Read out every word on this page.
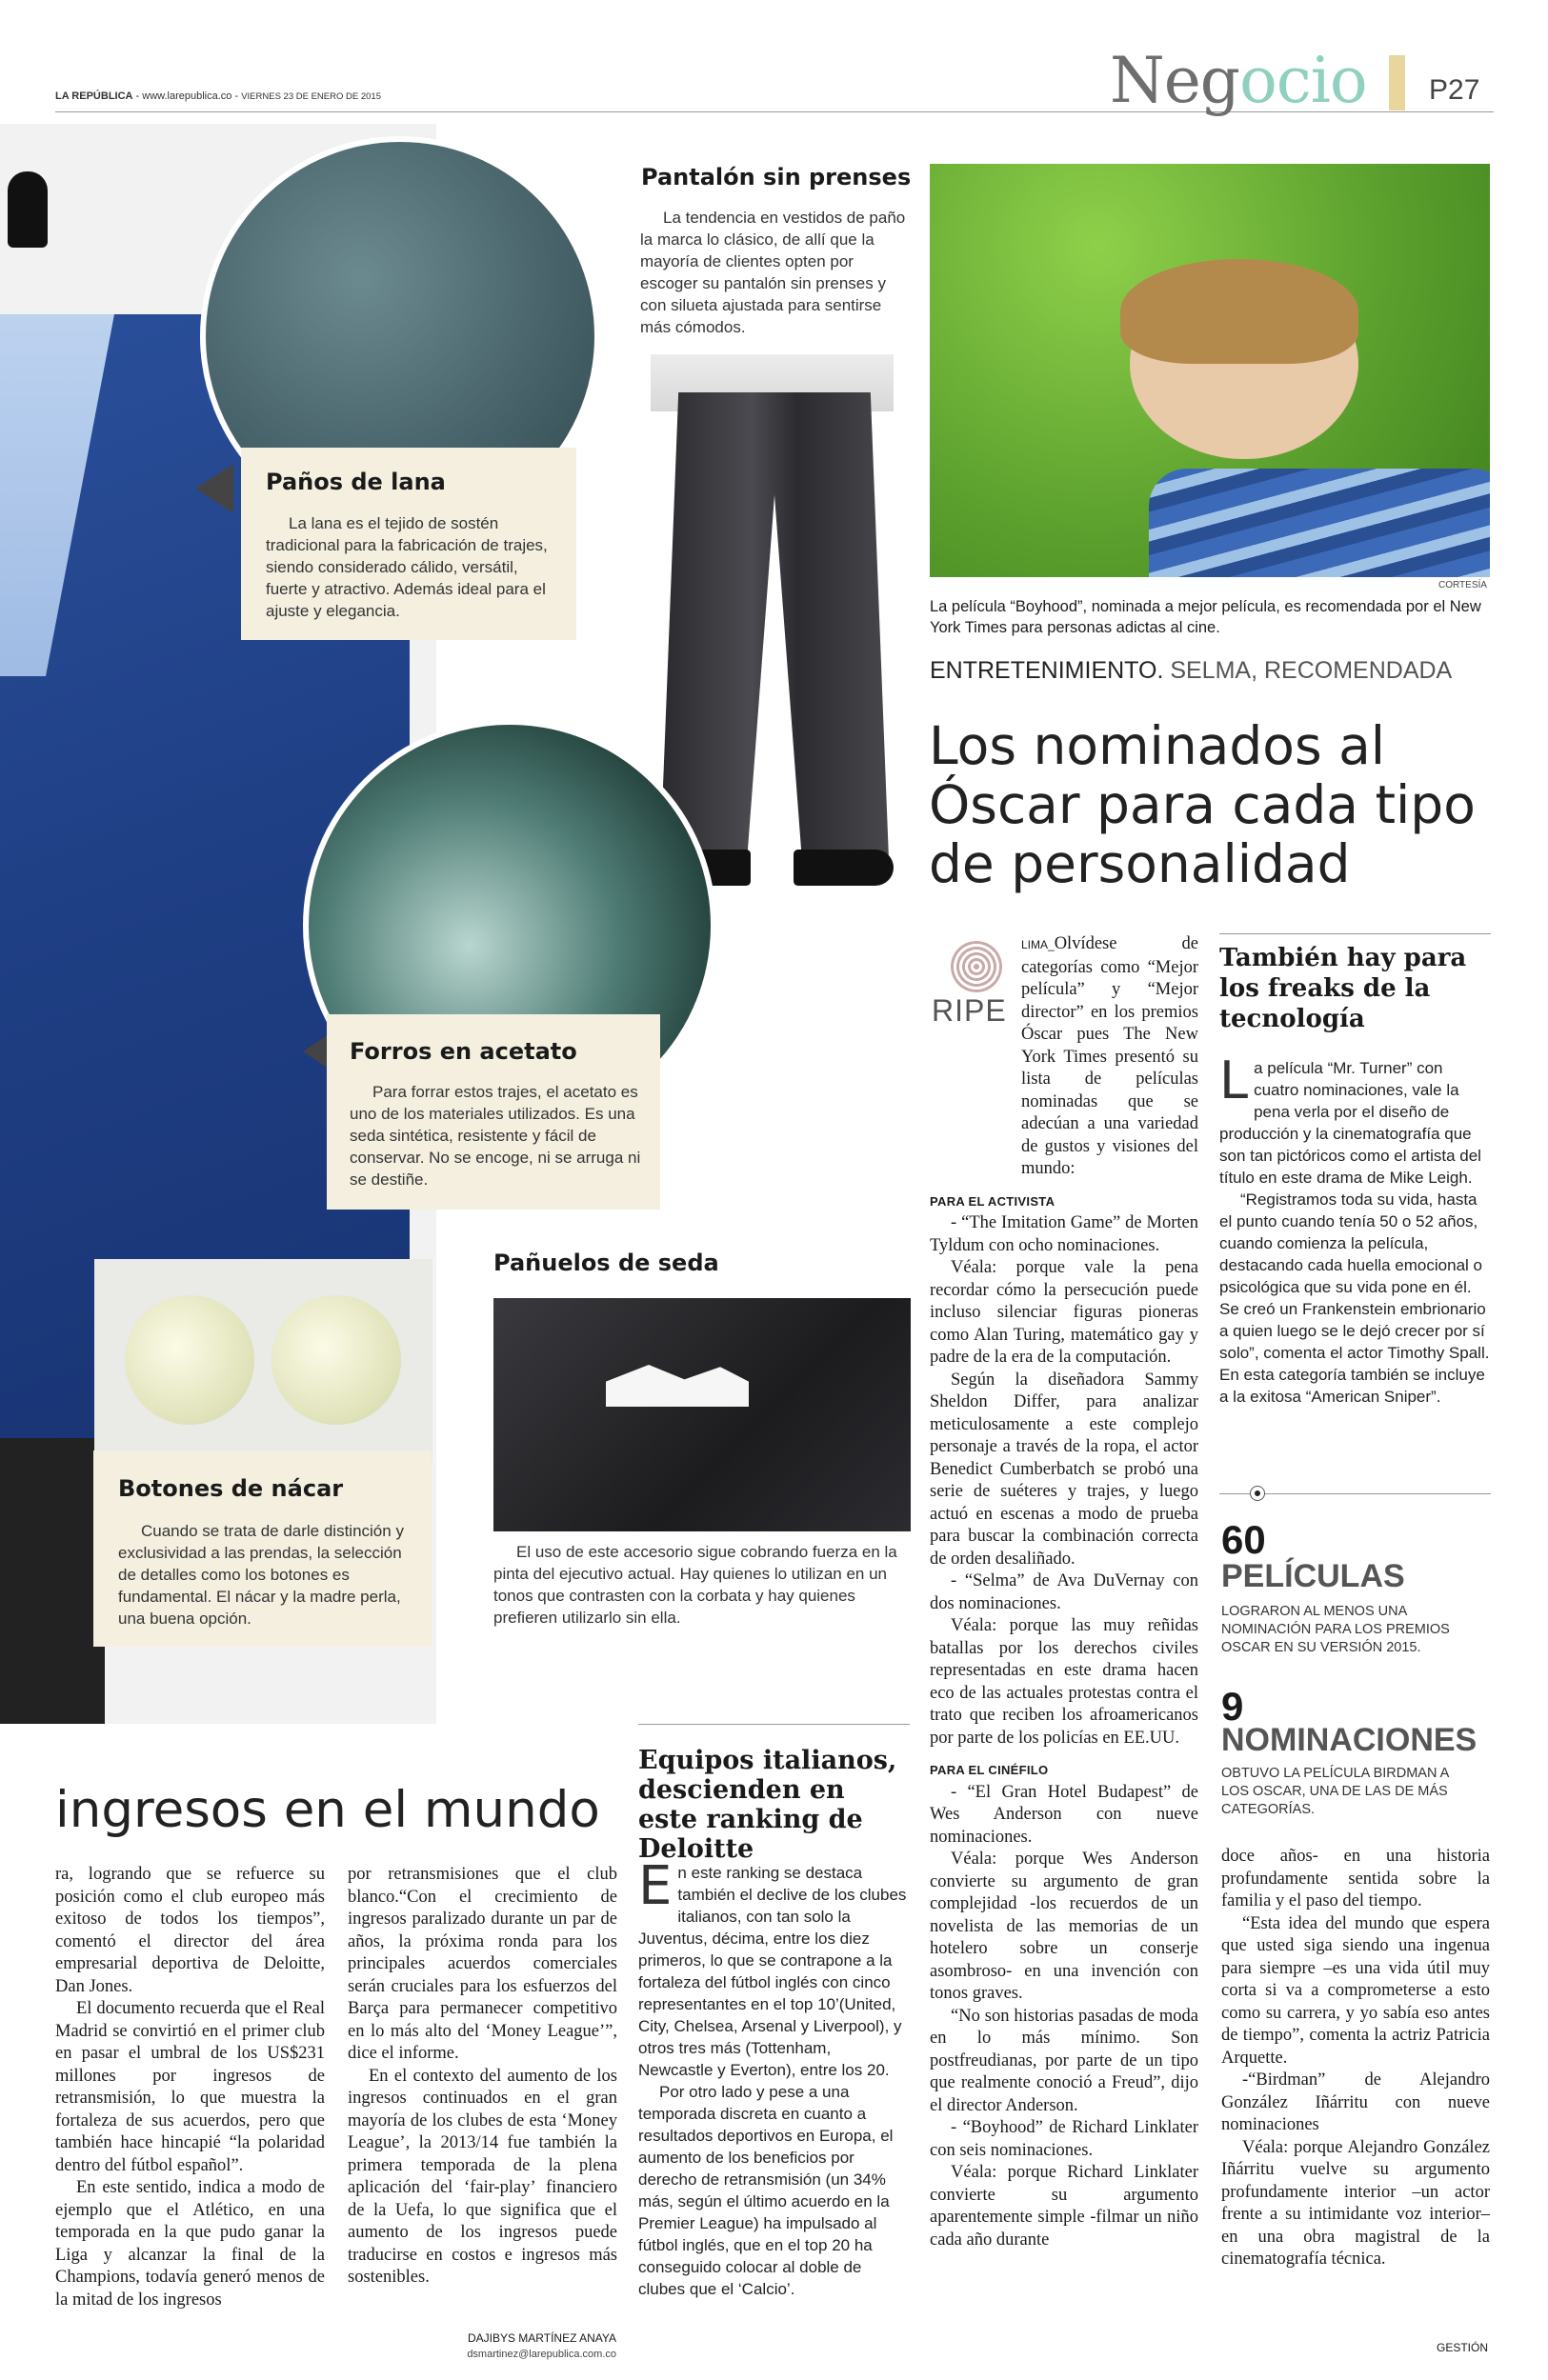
LA REPÚBLICA - www.larepublica.co - VIERNES 23 DE ENERO DE 2015	Negocio P27
Paños de lana
La lana es el tejido de sostén tradicional para la fabricación de trajes, siendo considerado cálido, versátil, fuerte y atractivo. Además ideal para el ajuste y elegancia.
Pantalón sin prenses
La tendencia en vestidos de paño la marca lo clásico, de allí que la mayoría de clientes opten por escoger su pantalón sin prenses y con silueta ajustada para sentirse más cómodos.
Forros en acetato
Para forrar estos trajes, el acetato es uno de los materiales utilizados. Es una seda sintética, resistente y fácil de conservar. No se encoge, ni se arruga ni se destiñe.
Botones de nácar
Cuando se trata de darle distinción y exclusividad a las prendas, la selección de detalles como los botones es fundamental. El nácar y la madre perla, una buena opción.
Pañuelos de seda
El uso de este accesorio sigue cobrando fuerza en la pinta del ejecutivo actual. Hay quienes lo utilizan en un tonos que contrasten con la corbata y hay quienes prefieren utilizarlo sin ella.
CORTESÍA
La película “Boyhood”, nominada a mejor película, es recomendada por el New York Times para personas adictas al cine.
ENTRETENIMIENTO. SELMA, RECOMENDADA
Los nominados al Óscar para cada tipo de personalidad
RIPE

LIMA_Olvídese de categorías como “Mejor película” y “Mejor director” en los premios Óscar pues The New York Times presentó su lista de películas nominadas que se adecúan a una variedad de gustos y visiones del mundo:

PARA EL ACTIVISTA

- “The Imitation Game” de Morten Tyldum con ocho nominaciones.

Véala: porque vale la pena recordar cómo la persecución puede incluso silenciar figuras pioneras como Alan Turing, matemático gay y padre de la era de la computación.

Según la diseñadora Sammy Sheldon Differ, para analizar meticulosamente a este complejo personaje a través de la ropa, el actor Benedict Cumberbatch se probó una serie de suéteres y trajes, y luego actuó en escenas a modo de prueba para buscar la combinación correcta de orden desaliñado.

- “Selma” de Ava DuVernay con dos nominaciones.

Véala: porque las muy reñidas batallas por los derechos civiles representadas en este drama hacen eco de las actuales protestas contra el trato que reciben los afroamericanos por parte de los policías en EE.UU.

PARA EL CINÉFILO

- “El Gran Hotel Budapest” de Wes Anderson con nueve nominaciones.

Véala: porque Wes Anderson convierte su argumento de gran complejidad -los recuerdos de un novelista de las memorias de un hotelero sobre un conserje asombroso- en una invención con tonos graves.

“No son historias pasadas de moda en lo más mínimo. Son postfreudianas, por parte de un tipo que realmente conoció a Freud”, dijo el director Anderson.

- “Boyhood” de Richard Linklater con seis nominaciones.

Véala: porque Richard Linklater convierte su argumento aparentemente simple -filmar un niño cada año durante

También hay para los freaks de la tecnología

La película “Mr. Turner” con cuatro nominaciones, vale la pena verla por el diseño de producción y la cinematografía que son tan pictóricos como el artista del título en este drama de Mike Leigh.

“Registramos toda su vida, hasta el punto cuando tenía 50 o 52 años, cuando comienza la película, destacando cada huella emocional o psicológica que su vida pone en él. Se creó un Frankenstein embrionario a quien luego se le dejó crecer por sí solo”, comenta el actor Timothy Spall. En esta categoría también se incluye a la exitosa “American Sniper”.

60
PELÍCULAS
LOGRARON AL MENOS UNA NOMINACIÓN PARA LOS PREMIOS OSCAR EN SU VERSIÓN 2015.
9
NOMINACIONES
OBTUVO LA PELÍCULA BIRDMAN A LOS OSCAR, UNA DE LAS DE MÁS CATEGORÍAS.

doce años- en una historia profundamente sentida sobre la familia y el paso del tiempo.

“Esta idea del mundo que espera que usted siga siendo una ingenua para siempre –es una vida útil muy corta si va a comprometerse a esto como su carrera, y yo sabía eso antes de tiempo”, comenta la actriz Patricia Arquette.

-“Birdman” de Alejandro González Iñárritu con nueve nominaciones

Véala: porque Alejandro González Iñárritu vuelve su argumento profundamente interior –un actor frente a su intimidante voz interior– en una obra magistral de la cinematografía técnica.

GESTIÓN
ingresos en el mundo

ra, logrando que se refuerce su posición como el club europeo más exitoso de todos los tiempos”, comentó el director del área empresarial deportiva de Deloitte, Dan Jones.

El documento recuerda que el Real Madrid se convirtió en el primer club en pasar el umbral de los US$231 millones por ingresos de retransmisión, lo que muestra la fortaleza de sus acuerdos, pero que también hace hincapié “la polaridad dentro del fútbol español”.

En este sentido, indica a modo de ejemplo que el Atlético, en una temporada en la que pudo ganar la Liga y alcanzar la final de la Champions, todavía generó menos de la mitad de los ingresos

por retransmisiones que el club blanco.“Con el crecimiento de ingresos paralizado durante un par de años, la próxima ronda para los principales acuerdos comerciales serán cruciales para los esfuerzos del Barça para permanecer competitivo en lo más alto del ‘Money League’”, dice el informe.

En el contexto del aumento de los ingresos continuados en el gran mayoría de los clubes de esta ‘Money League’, la 2013/14 fue también la primera temporada de la plena aplicación del ‘fair-play’ financiero de la Uefa, lo que significa que el aumento de los ingresos puede traducirse en costos e ingresos más sostenibles.

DAJIBYS MARTÍNEZ ANAYA
dsmartinez@larepublica.com.co
Equipos italianos, descienden en este ranking de Deloitte

En este ranking se destaca también el declive de los clubes italianos, con tan solo la Juventus, décima, entre los diez primeros, lo que se contrapone a la fortaleza del fútbol inglés con cinco representantes en el top 10’(United, City, Chelsea, Arsenal y Liverpool), y otros tres más (Tottenham, Newcastle y Everton), entre los 20.

Por otro lado y pese a una temporada discreta en cuanto a resultados deportivos en Europa, el aumento de los beneficios por derecho de retransmisión (un 34% más, según el último acuerdo en la Premier League) ha impulsado al fútbol inglés, que en el top 20 ha conseguido colocar al doble de clubes que el ‘Calcio’.
